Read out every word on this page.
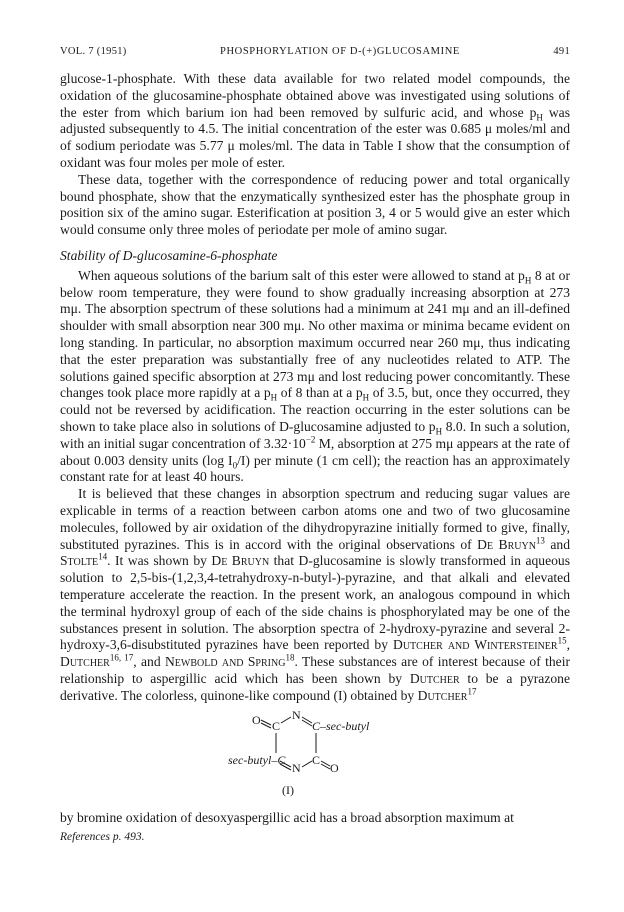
VOL. 7 (1951)	PHOSPHORYLATION OF D-(+)GLUCOSAMINE	491

glucose-1-phosphate. With these data available for two related model compounds, the oxidation of the glucosamine-phosphate obtained above was investigated using solutions of the ester from which barium ion had been removed by sulfuric acid, and whose $p_H$ was adjusted subsequently to 4.5. The initial concentration of the ester was 0.685 μ moles/ml and of sodium periodate was 5.77 μ moles/ml. The data in Table I show that the consumption of oxidant was four moles per mole of ester.

These data, together with the correspondence of reducing power and total organically bound phosphate, show that the enzymatically synthesized ester has the phosphate group in position six of the amino sugar. Esterification at position 3, 4 or 5 would give an ester which would consume only three moles of periodate per mole of amino sugar.

Stability of D-glucosamine-6-phosphate

When aqueous solutions of the barium salt of this ester were allowed to stand at $p_H$ 8 at or below room temperature, they were found to show gradually increasing absorption at 273 mμ. The absorption spectrum of these solutions had a minimum at 241 mμ and an ill-defined shoulder with small absorption near 300 mμ. No other maxima or minima became evident on long standing. In particular, no absorption maximum occurred near 260 mμ, thus indicating that the ester preparation was substantially free of any nucleotides related to ATP. The solutions gained specific absorption at 273 mμ and lost reducing power concomitantly. These changes took place more rapidly at a $p_H$ of 8 than at a $p_H$ of 3.5, but, once they occurred, they could not be reversed by acidification. The reaction occurring in the ester solutions can be shown to take place also in solutions of D-glucosamine adjusted to $p_H$ 8.0. In such a solution, with an initial sugar concentration of $3.32\cdot 10^{-2}$ M, absorption at 275 mμ appears at the rate of about 0.003 density units (log $I_0/I$) per minute (1 cm cell); the reaction has an approximately constant rate for at least 40 hours.

It is believed that these changes in absorption spectrum and reducing sugar values are explicable in terms of a reaction between carbon atoms one and two of two glucosamine molecules, followed by air oxidation of the dihydropyrazine initially formed to give, finally, substituted pyrazines. This is in accord with the original observations of De Bruyn$^{13}$ and Stolte$^{14}$. It was shown by De Bruyn that D-glucosamine is slowly transformed in aqueous solution to 2,5-bis-(1,2,3,4-tetrahydroxy-n-butyl-)-pyrazine, and that alkali and elevated temperature accelerate the reaction. In the present work, an analogous compound in which the terminal hydroxyl group of each of the side chains is phosphorylated may be one of the substances present in solution. The absorption spectra of 2-hydroxy-pyrazine and several 2-hydroxy-3,6-disubstituted pyrazines have been reported by Dutcher and Wintersteiner$^{15}$, Dutcher$^{16, 17}$, and Newbold and Spring$^{18}$. These substances are of interest because of their relationship to aspergillic acid which has been shown by Dutcher to be a pyrazone derivative. The colorless, quinone-like compound (I) obtained by Dutcher$^{17}$

O C
N
C–sec-butyl
sec-butyl–C
N
C
O
(I)

by bromine oxidation of desoxyaspergillic acid has a broad absorption maximum at

References p. 493.
